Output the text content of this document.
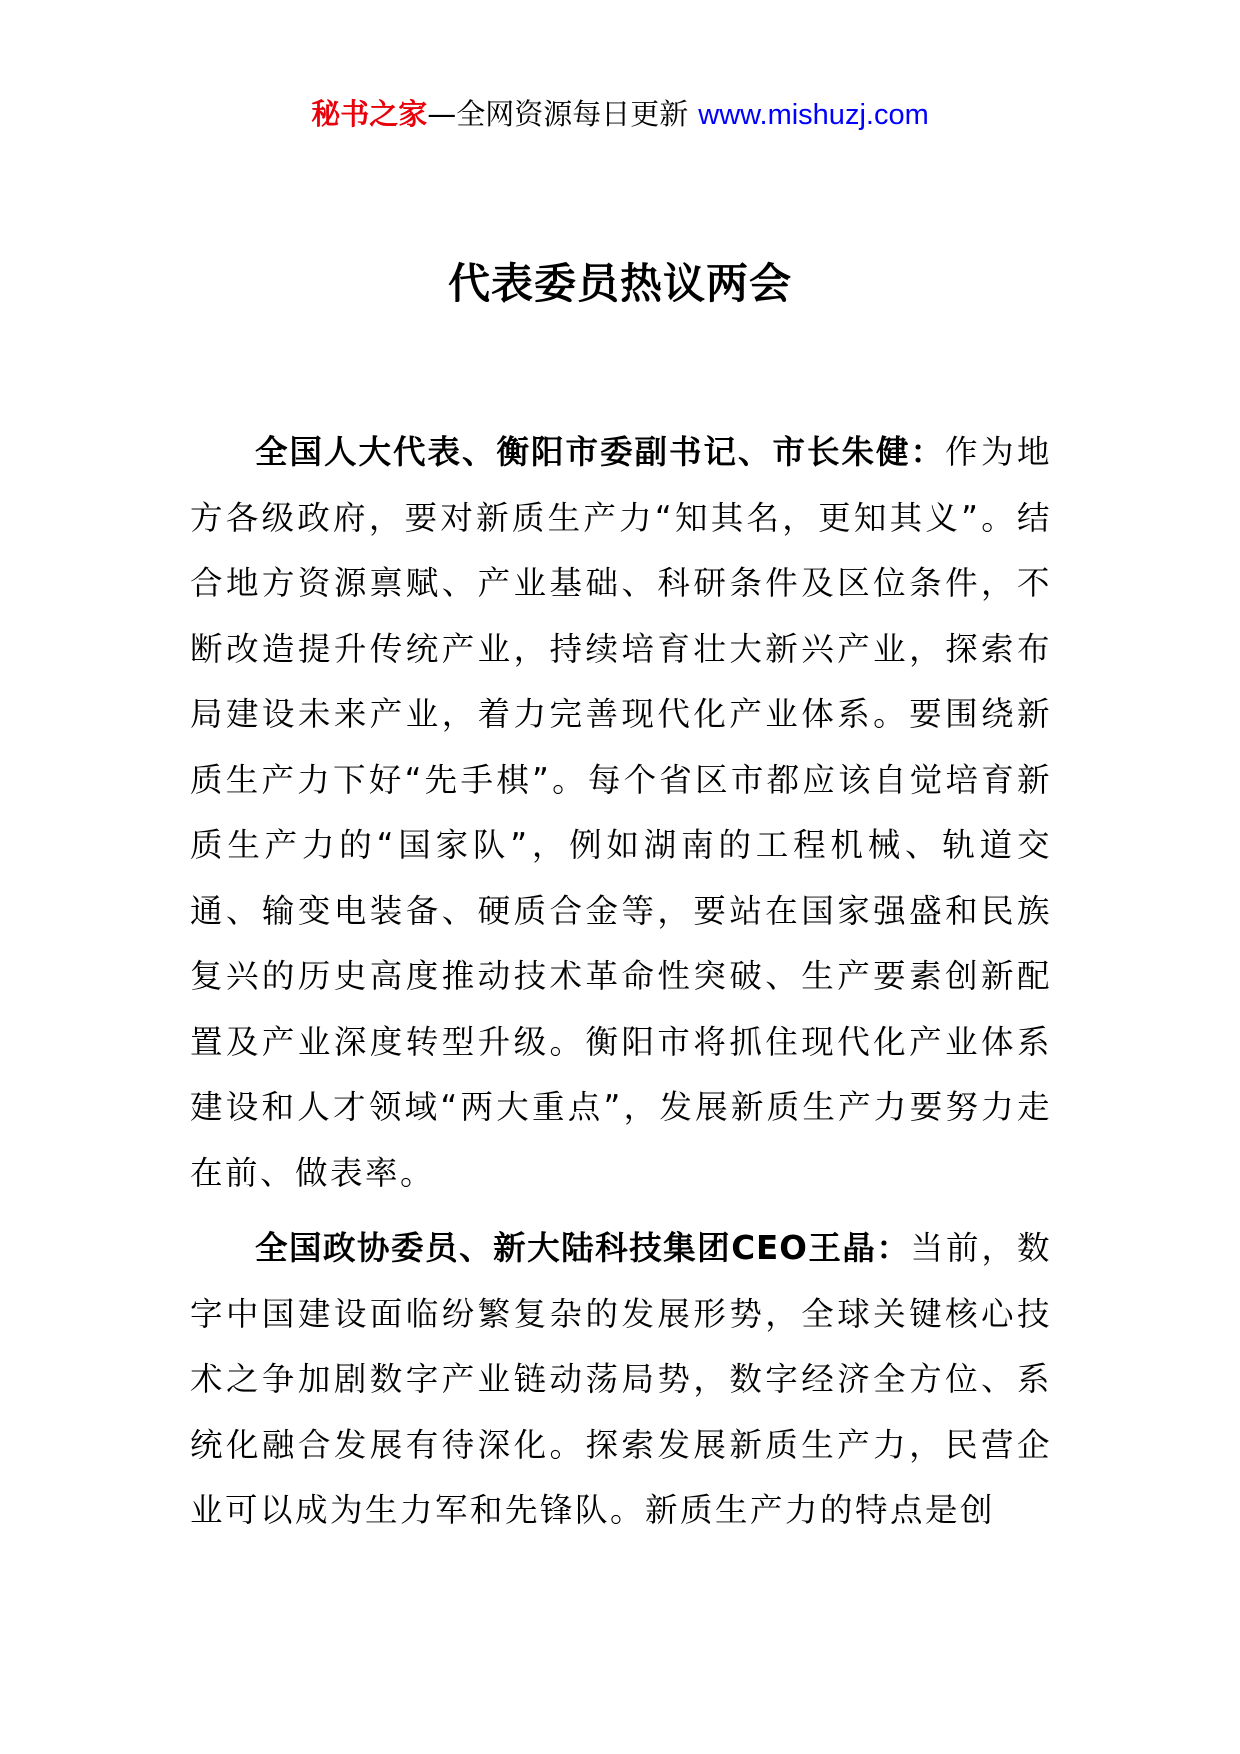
秘书之家—全网资源每日更新 www.mishuzj.com
代表委员热议两会

全国人大代表、衡阳市委副书记、市长朱健：作为地方各级政府，要对新质生产力“知其名，更知其义”。结合地方资源禀赋、产业基础、科研条件及区位条件，不断改造提升传统产业，持续培育壮大新兴产业，探索布局建设未来产业，着力完善现代化产业体系。要围绕新质生产力下好“先手棋”。每个省区市都应该自觉培育新质生产力的“国家队”，例如湖南的工程机械、轨道交通、输变电装备、硬质合金等，要站在国家强盛和民族复兴的历史高度推动技术革命性突破、生产要素创新配置及产业深度转型升级。衡阳市将抓住现代化产业体系建设和人才领域“两大重点”，发展新质生产力要努力走在前、做表率。

全国政协委员、新大陆科技集团CEO王晶：当前，数字中国建设面临纷繁复杂的发展形势，全球关键核心技术之争加剧数字产业链动荡局势，数字经济全方位、系统化融合发展有待深化。探索发展新质生产力，民营企业可以成为生力军和先锋队。新质生产力的特点是创
